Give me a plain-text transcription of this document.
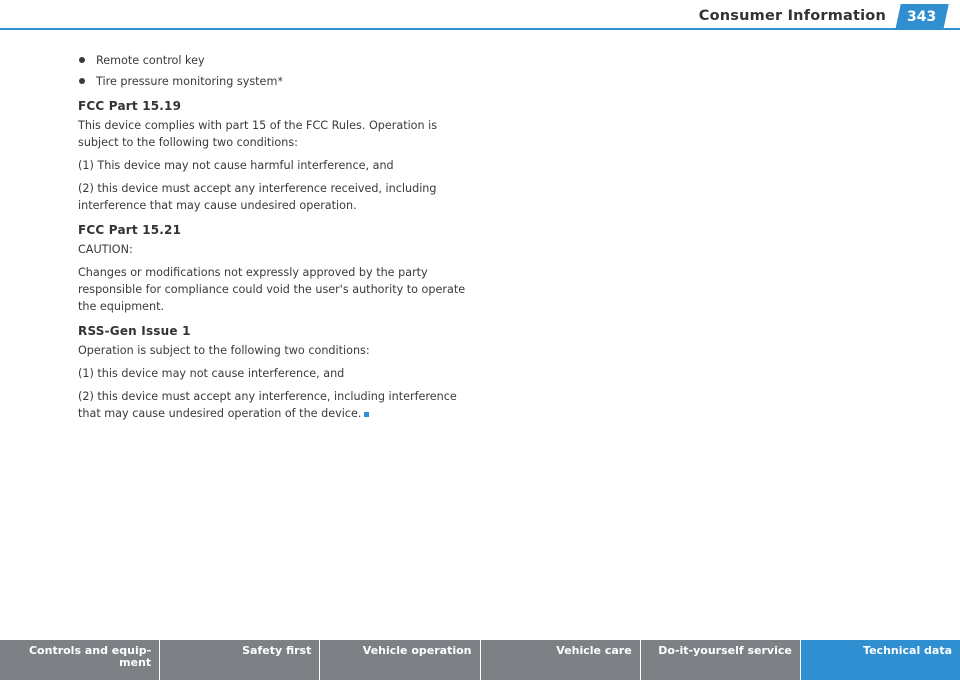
Consumer Information	343
Remote control key
Tire pressure monitoring system*
FCC Part 15.19

This device complies with part 15 of the FCC Rules. Operation is subject to the following two conditions:

(1) This device may not cause harmful interference, and

(2) this device must accept any interference received, including interference that may cause undesired operation.

FCC Part 15.21

CAUTION:

Changes or modifications not expressly approved by the party responsible for compliance could void the user's authority to operate the equipment.

RSS-Gen Issue 1

Operation is subject to the following two conditions:

(1) this device may not cause interference, and

(2) this device must accept any interference, including interference that may cause undesired operation of the device.

Controls and equip-ment
Safety first	Vehicle operation	Vehicle care	Do-it-yourself service	Technical data
